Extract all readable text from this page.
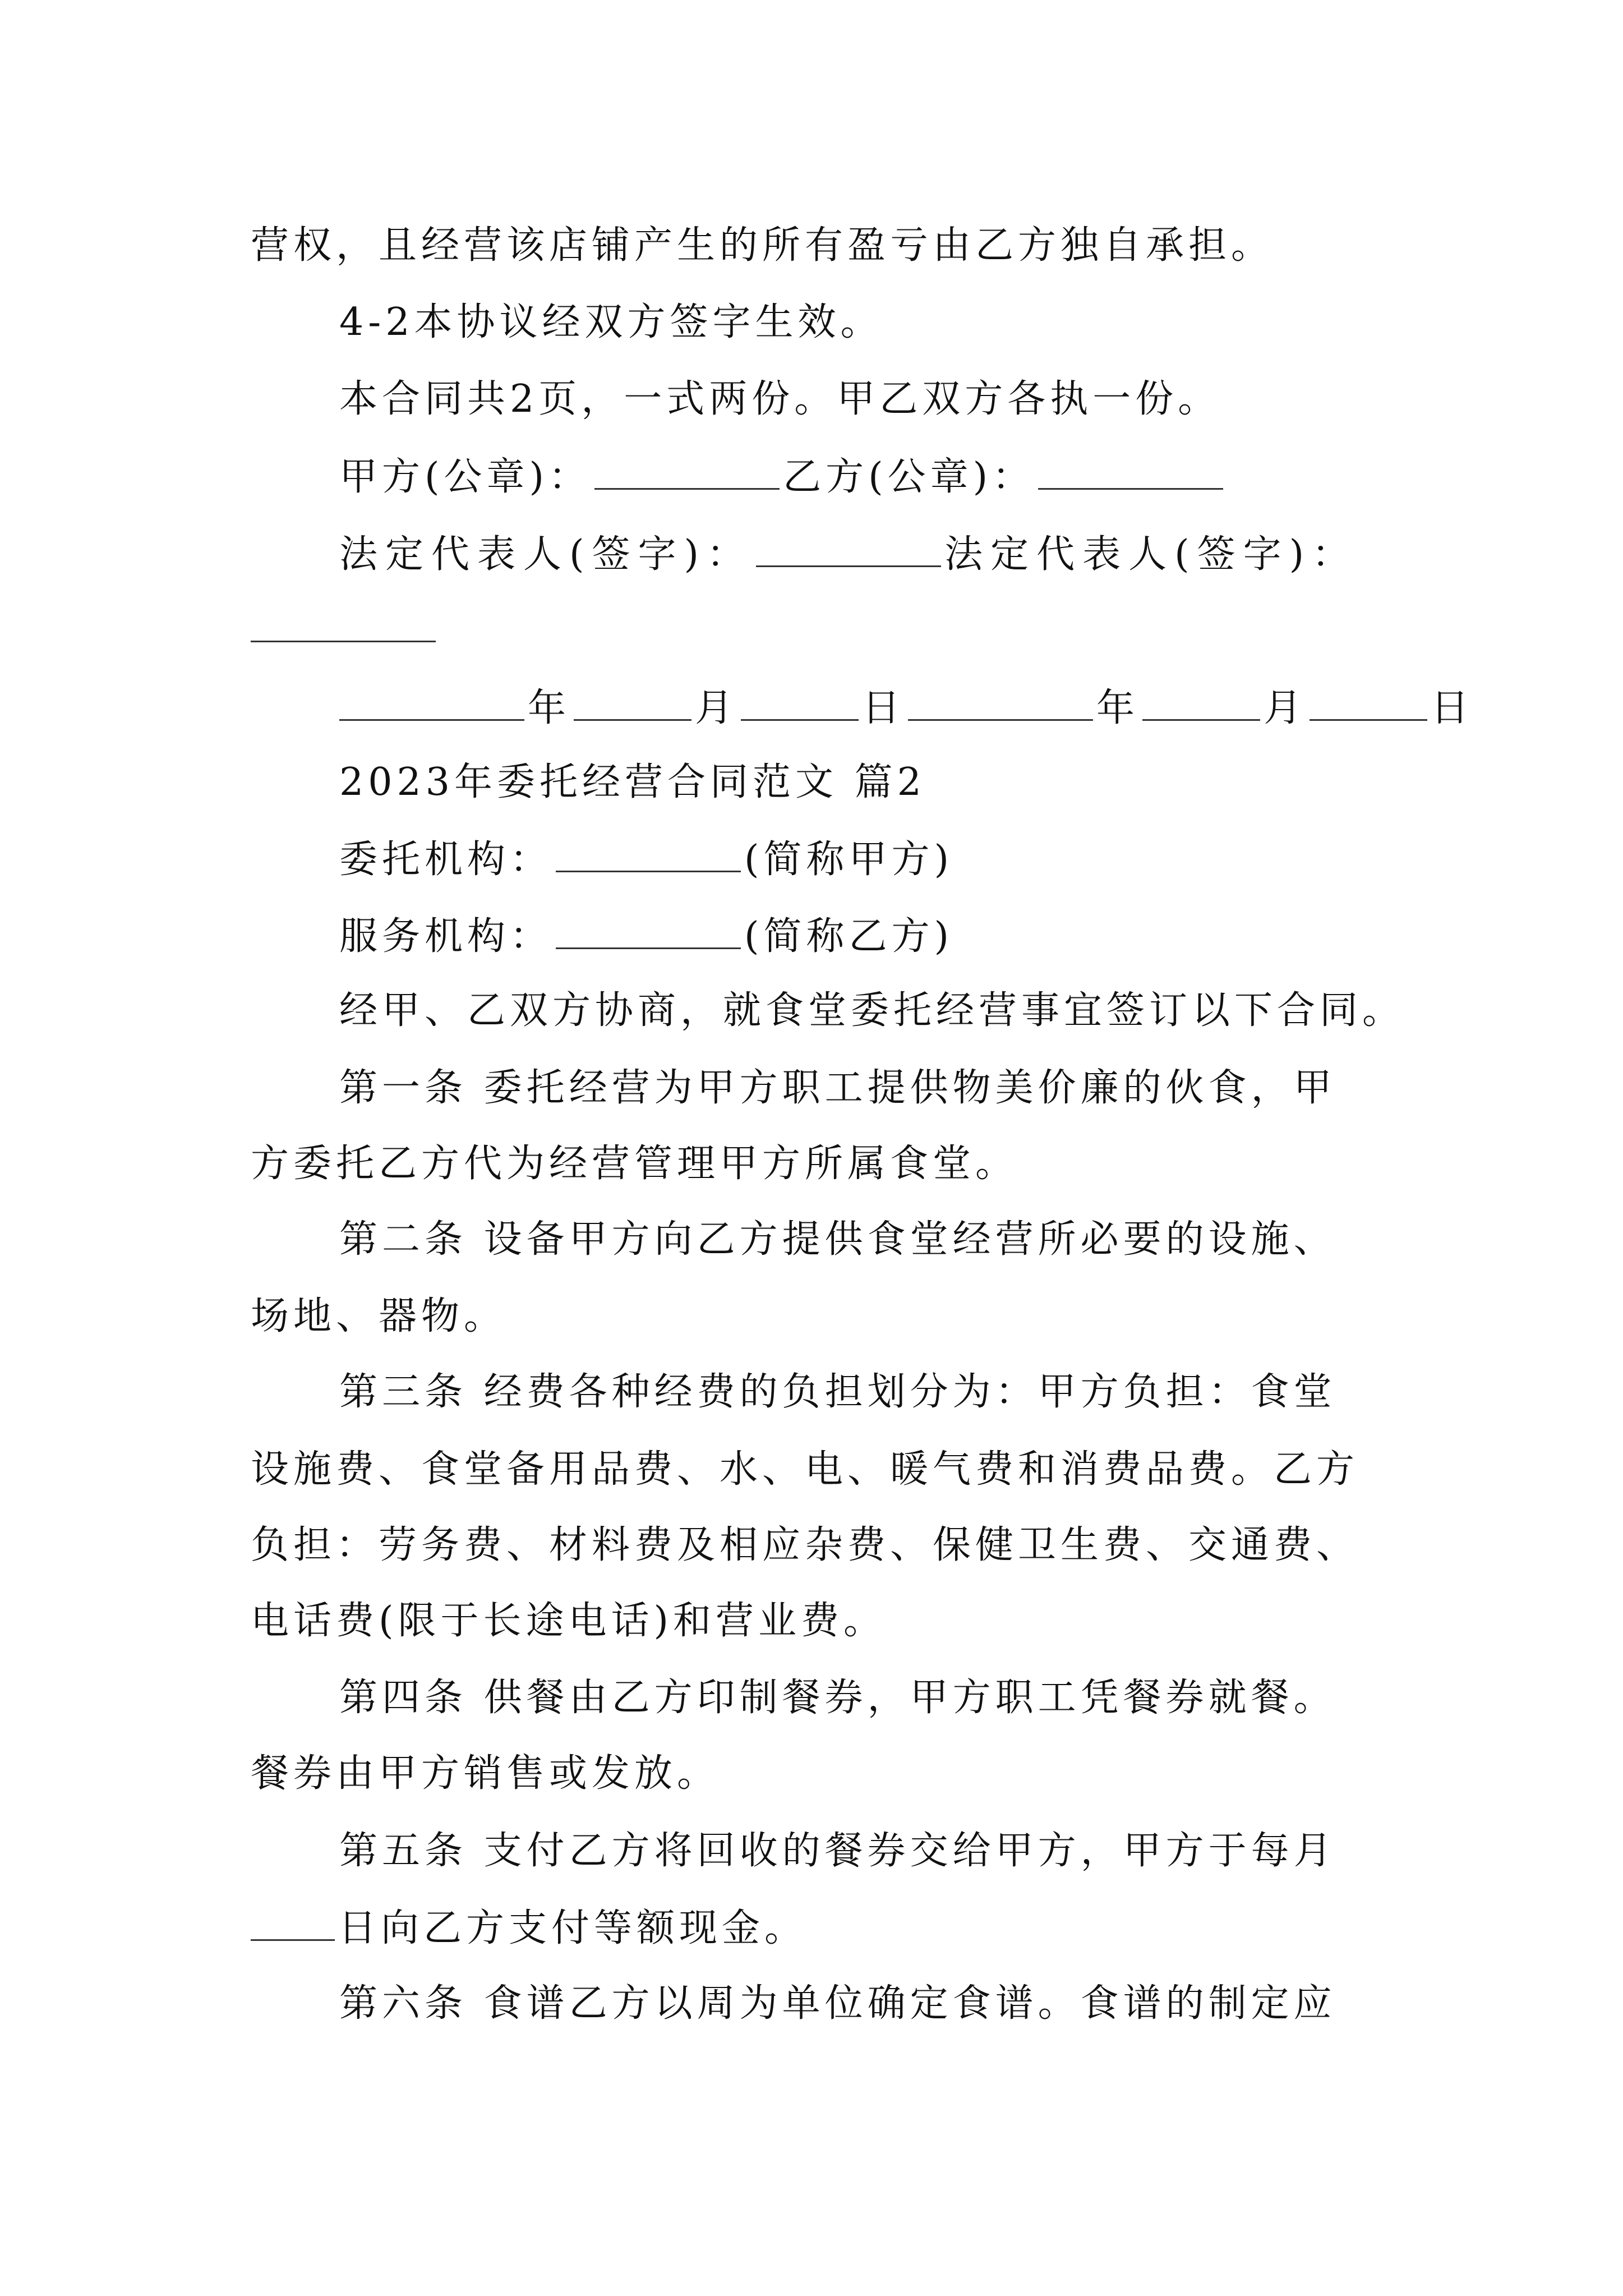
营权，且经营该店铺产生的所有盈亏由乙方独自承担。
4-2本协议经双方签字生效。
本合同共2页，一式两份。甲乙双方各执一份。
甲方(公章)：	乙方(公章)：
法定代表人(签字)：	法定代表人(签字)：
年	月	日	年	月	日
2023年委托经营合同范文 篇2
委托机构：	(简称甲方)
服务机构：	(简称乙方)
经甲、乙双方协商，就食堂委托经营事宜签订以下合同。
第一条 委托经营为甲方职工提供物美价廉的伙食，甲
方委托乙方代为经营管理甲方所属食堂。
第二条 设备甲方向乙方提供食堂经营所必要的设施、
场地、器物。
第三条 经费各种经费的负担划分为：甲方负担：食堂
设施费、食堂备用品费、水、电、暖气费和消费品费。乙方
负担：劳务费、材料费及相应杂费、保健卫生费、交通费、
电话费(限于长途电话)和营业费。
第四条 供餐由乙方印制餐券，甲方职工凭餐券就餐。
餐券由甲方销售或发放。
第五条 支付乙方将回收的餐券交给甲方，甲方于每月
日向乙方支付等额现金。
第六条 食谱乙方以周为单位确定食谱。食谱的制定应
